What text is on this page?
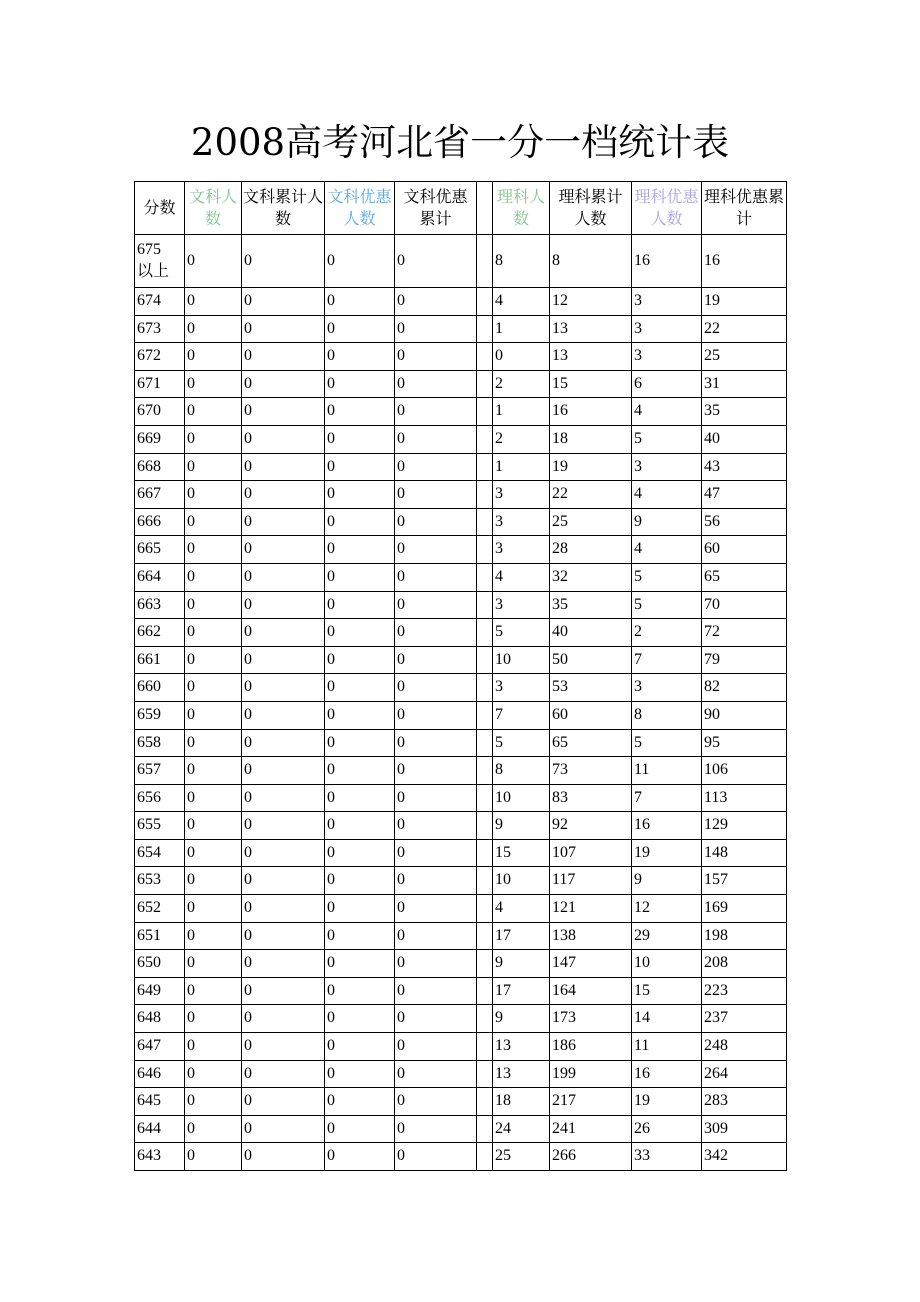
2008高考河北省一分一档统计表
分数	文科人数	文科累计人数	文科优惠人数	文科优惠累计		理科人数	理科累计人数	理科优惠人数	理科优惠累计
675
以上	0	0	0	0		8	8	16	16
674	0	0	0	0		4	12	3	19
673	0	0	0	0		1	13	3	22
672	0	0	0	0		0	13	3	25
671	0	0	0	0		2	15	6	31
670	0	0	0	0		1	16	4	35
669	0	0	0	0		2	18	5	40
668	0	0	0	0		1	19	3	43
667	0	0	0	0		3	22	4	47
666	0	0	0	0		3	25	9	56
665	0	0	0	0		3	28	4	60
664	0	0	0	0		4	32	5	65
663	0	0	0	0		3	35	5	70
662	0	0	0	0		5	40	2	72
661	0	0	0	0		10	50	7	79
660	0	0	0	0		3	53	3	82
659	0	0	0	0		7	60	8	90
658	0	0	0	0		5	65	5	95
657	0	0	0	0		8	73	11	106
656	0	0	0	0		10	83	7	113
655	0	0	0	0		9	92	16	129
654	0	0	0	0		15	107	19	148
653	0	0	0	0		10	117	9	157
652	0	0	0	0		4	121	12	169
651	0	0	0	0		17	138	29	198
650	0	0	0	0		9	147	10	208
649	0	0	0	0		17	164	15	223
648	0	0	0	0		9	173	14	237
647	0	0	0	0		13	186	11	248
646	0	0	0	0		13	199	16	264
645	0	0	0	0		18	217	19	283
644	0	0	0	0		24	241	26	309
643	0	0	0	0		25	266	33	342
